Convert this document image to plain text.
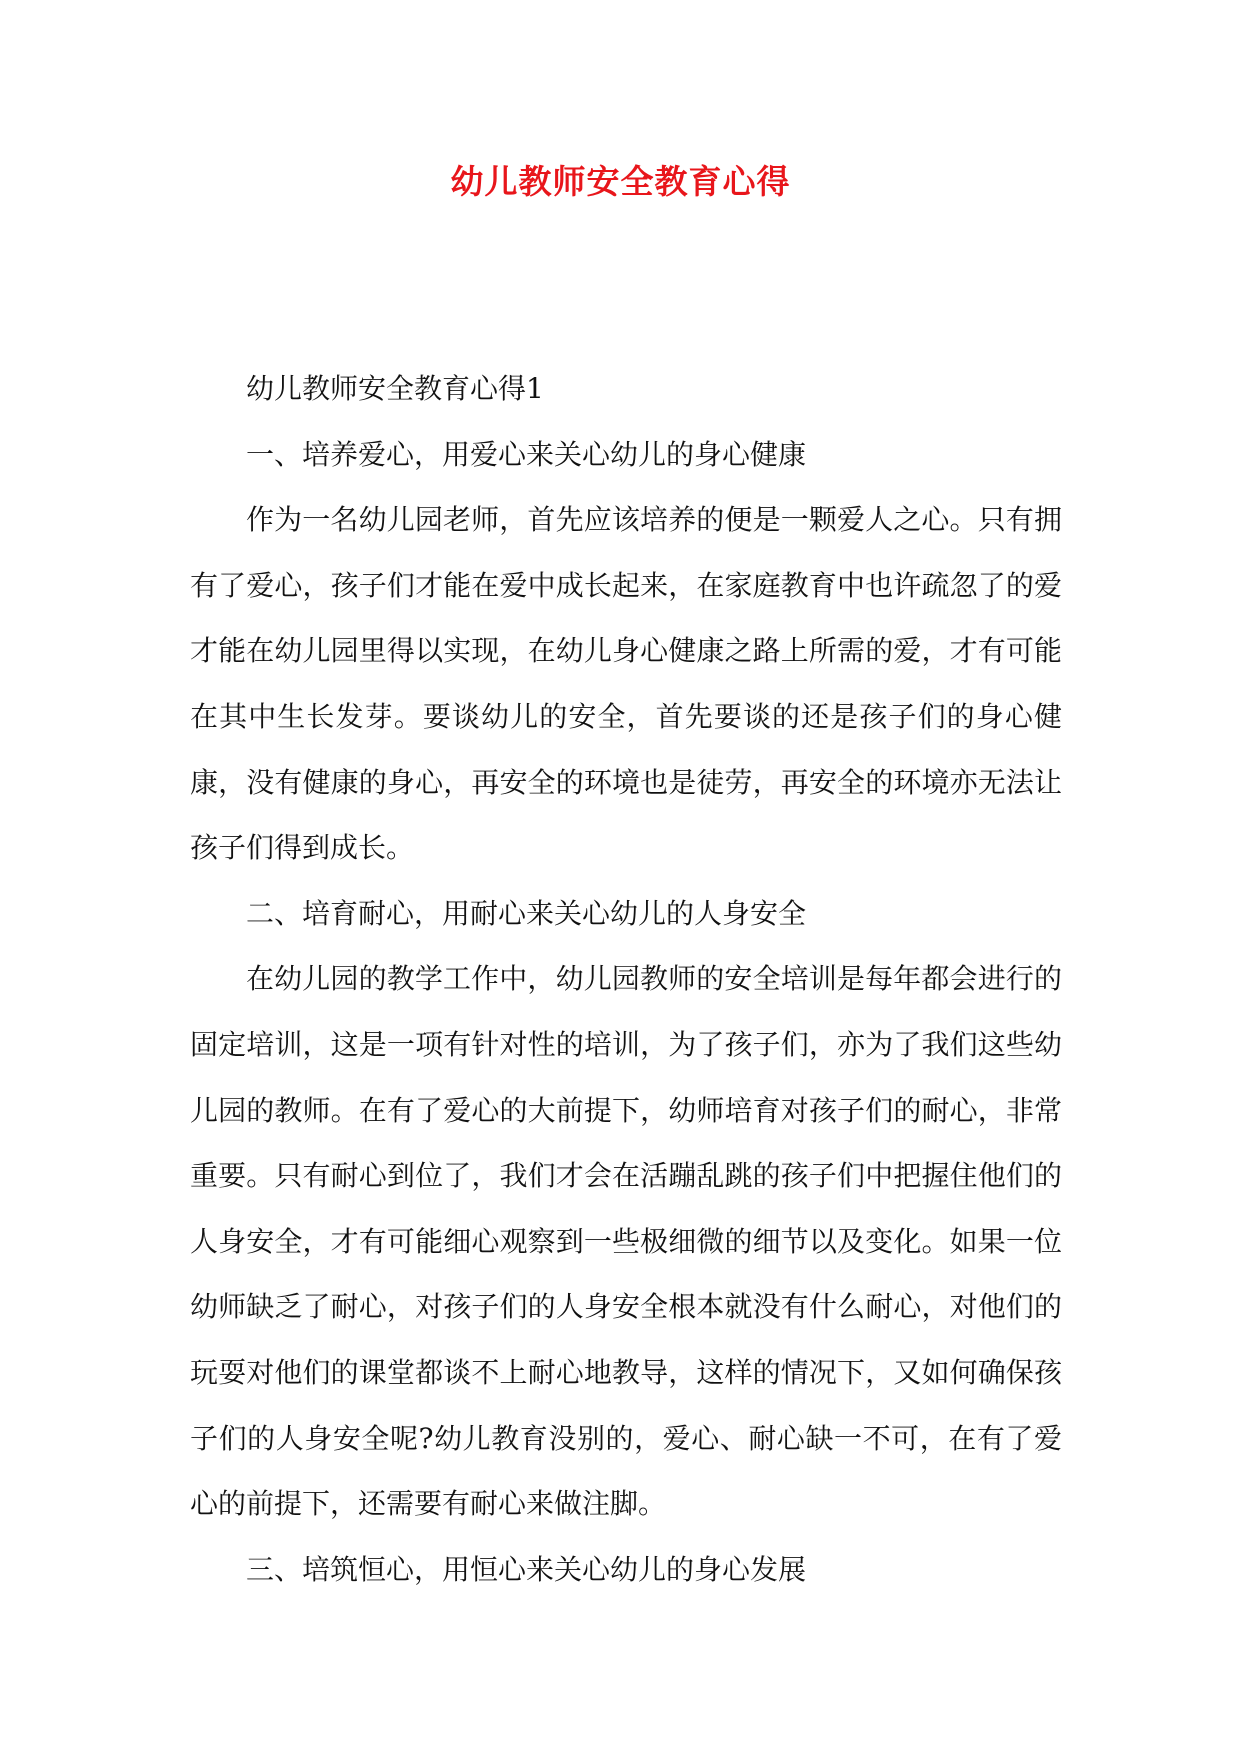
幼儿教师安全教育心得

幼儿教师安全教育心得1

一、培养爱心，用爱心来关心幼儿的身心健康

作为一名幼儿园老师，首先应该培养的便是一颗爱人之心。只有拥有了爱心，孩子们才能在爱中成长起来，在家庭教育中也许疏忽了的爱才能在幼儿园里得以实现，在幼儿身心健康之路上所需的爱，才有可能在其中生长发芽。要谈幼儿的安全，首先要谈的还是孩子们的身心健康，没有健康的身心，再安全的环境也是徒劳，再安全的环境亦无法让孩子们得到成长。

二、培育耐心，用耐心来关心幼儿的人身安全

在幼儿园的教学工作中，幼儿园教师的安全培训是每年都会进行的固定培训，这是一项有针对性的培训，为了孩子们，亦为了我们这些幼儿园的教师。在有了爱心的大前提下，幼师培育对孩子们的耐心，非常重要。只有耐心到位了，我们才会在活蹦乱跳的孩子们中把握住他们的人身安全，才有可能细心观察到一些极细微的细节以及变化。如果一位幼师缺乏了耐心，对孩子们的人身安全根本就没有什么耐心，对他们的玩耍对他们的课堂都谈不上耐心地教导，这样的情况下，又如何确保孩子们的人身安全呢?幼儿教育没别的，爱心、耐心缺一不可，在有了爱心的前提下，还需要有耐心来做注脚。

三、培筑恒心，用恒心来关心幼儿的身心发展
